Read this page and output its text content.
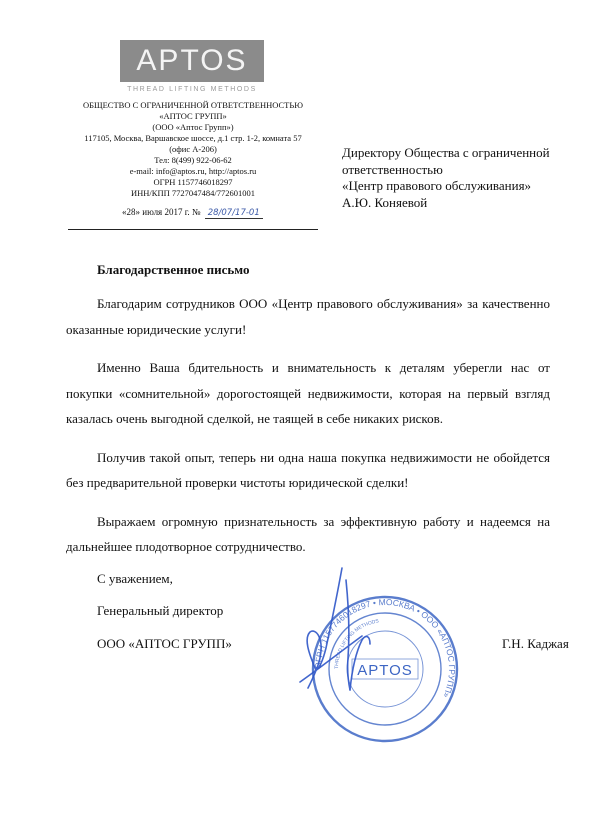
APTOS
THREAD LIFTING METHODS
ОБЩЕСТВО С ОГРАНИЧЕННОЙ ОТВЕТСТВЕННОСТЬЮ
«АПТОС ГРУПП»
(ООО «Аптос Групп»)
117105, Москва, Варшавское шоссе, д.1 стр. 1-2, комната 57
(офис А-206)
Тел: 8(499) 922-06-62
e-mail: info@aptos.ru, http://aptos.ru
ОГРН 1157746018297
ИНН/КПП 7727047484/772601001
«28» июля 2017 г. № 28/07/17-01
Директору Общества с ограниченной
ответственностью
«Центр правового обслуживания»
А.Ю. Коняевой
Благодарственное письмо

Благодарим сотрудников ООО «Центр правового обслуживания» за качественно оказанные юридические услуги!

Именно Ваша бдительность и внимательность к деталям уберегли нас от покупки «сомнительной» дорогостоящей недвижимости, которая на первый взгляд казалась очень выгодной сделкой, не таящей в себе никаких рисков.

Получив такой опыт, теперь ни одна наша покупка недвижимости не обойдется без предварительной проверки чистоты юридической сделки!

Выражаем огромную признательность за эффективную работу и надеемся на дальнейшее плодотворное сотрудничество.

С уважением,
Генеральный директор
ООО «АПТОС ГРУПП»	Г.Н. Каджая
ОГРН 1157746018297 • МОСКВА • ООО «АПТОС ГРУПП»
THREAD LIFTING METHODS
APTOS
